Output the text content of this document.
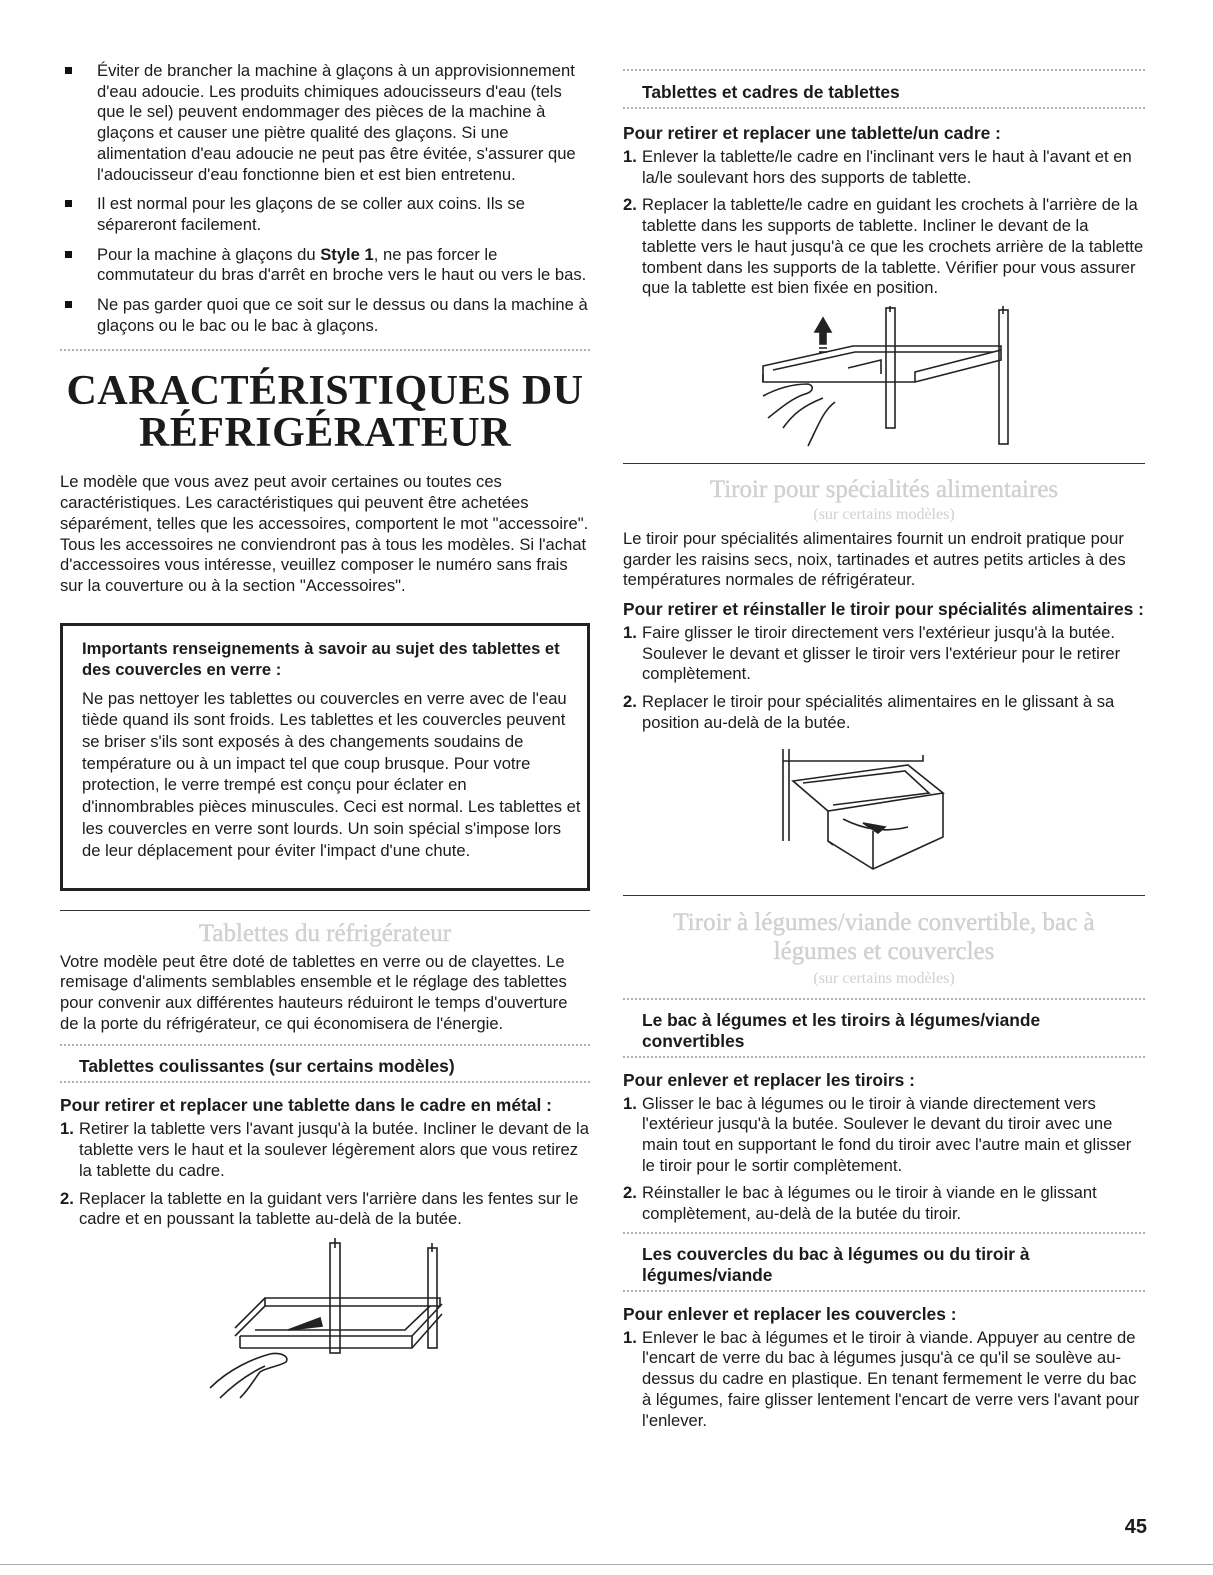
Éviter de brancher la machine à glaçons à un approvisionnement d'eau adoucie. Les produits chimiques adoucisseurs d'eau (tels que le sel) peuvent endommager des pièces de la machine à glaçons et causer une piètre qualité des glaçons. Si une alimentation d'eau adoucie ne peut pas être évitée, s'assurer que l'adoucisseur d'eau fonctionne bien et est bien entretenu.
Il est normal pour les glaçons de se coller aux coins. Ils se sépareront facilement.
Pour la machine à glaçons du Style 1, ne pas forcer le commutateur du bras d'arrêt en broche vers le haut ou vers le bas.
Ne pas garder quoi que ce soit sur le dessus ou dans la machine à glaçons ou le bac ou le bac à glaçons.

CARACTÉRISTIQUES DU

RÉFRIGÉRATEUR

Le modèle que vous avez peut avoir certaines ou toutes ces caractéristiques. Les caractéristiques qui peuvent être achetées séparément, telles que les accessoires, comportent le mot "accessoire". Tous les accessoires ne conviendront pas à tous les modèles. Si l'achat d'accessoires vous intéresse, veuillez composer le numéro sans frais sur la couverture ou à la section "Accessoires".

Importants renseignements à savoir au sujet des tablettes et des couvercles en verre :

Ne pas nettoyer les tablettes ou couvercles en verre avec de l'eau tiède quand ils sont froids. Les tablettes et les couvercles peuvent se briser s'ils sont exposés à des changements soudains de température ou à un impact tel que coup brusque. Pour votre protection, le verre trempé est conçu pour éclater en d'innombrables pièces minuscules. Ceci est normal. Les tablettes et les couvercles en verre sont lourds. Un soin spécial s'impose lors de leur déplacement pour éviter l'impact d'une chute.

Tablettes du réfrigérateur

Votre modèle peut être doté de tablettes en verre ou de clayettes. Le remisage d'aliments semblables ensemble et le réglage des tablettes pour convenir aux différentes hauteurs réduiront le temps d'ouverture de la porte du réfrigérateur, ce qui économisera de l'énergie.

Tablettes coulissantes (sur certains modèles)

Pour retirer et replacer une tablette dans le cadre en métal :

1. Retirer la tablette vers l'avant jusqu'à la butée. Incliner le devant de la tablette vers le haut et la soulever légèrement alors que vous retirez la tablette du cadre.
2. Replacer la tablette en la guidant vers l'arrière dans les fentes sur le cadre et en poussant la tablette au-delà de la butée.

Tablettes et cadres de tablettes

Pour retirer et replacer une tablette/un cadre :

1. Enlever la tablette/le cadre en l'inclinant vers le haut à l'avant et en la/le soulevant hors des supports de tablette.
2. Replacer la tablette/le cadre en guidant les crochets à l'arrière de la tablette dans les supports de tablette. Incliner le devant de la tablette vers le haut jusqu'à ce que les crochets arrière de la tablette tombent dans les supports de la tablette. Vérifier pour vous assurer que la tablette est bien fixée en position.

Tiroir pour spécialités alimentaires

(sur certains modèles)

Le tiroir pour spécialités alimentaires fournit un endroit pratique pour garder les raisins secs, noix, tartinades et autres petits articles à des températures normales de réfrigérateur.

Pour retirer et réinstaller le tiroir pour spécialités alimentaires :

1. Faire glisser le tiroir directement vers l'extérieur jusqu'à la butée. Soulever le devant et glisser le tiroir vers l'extérieur pour le retirer complètement.
2. Replacer le tiroir pour spécialités alimentaires en le glissant à sa position au-delà de la butée.

Tiroir à légumes/viande convertible, bac à

légumes et couvercles

(sur certains modèles)

Le bac à légumes et les tiroirs à légumes/viande convertibles

Pour enlever et replacer les tiroirs :

1. Glisser le bac à légumes ou le tiroir à viande directement vers l'extérieur jusqu'à la butée. Soulever le devant du tiroir avec une main tout en supportant le fond du tiroir avec l'autre main et glisser le tiroir pour le sortir complètement.
2. Réinstaller le bac à légumes ou le tiroir à viande en le glissant complètement, au-delà de la butée du tiroir.

Les couvercles du bac à légumes ou du tiroir à légumes/viande

Pour enlever et replacer les couvercles :

1. Enlever le bac à légumes et le tiroir à viande. Appuyer au centre de l'encart de verre du bac à légumes jusqu'à ce qu'il se soulève au-dessus du cadre en plastique. En tenant fermement le verre du bac à légumes, faire glisser lentement l'encart de verre vers l'avant pour l'enlever.
45
